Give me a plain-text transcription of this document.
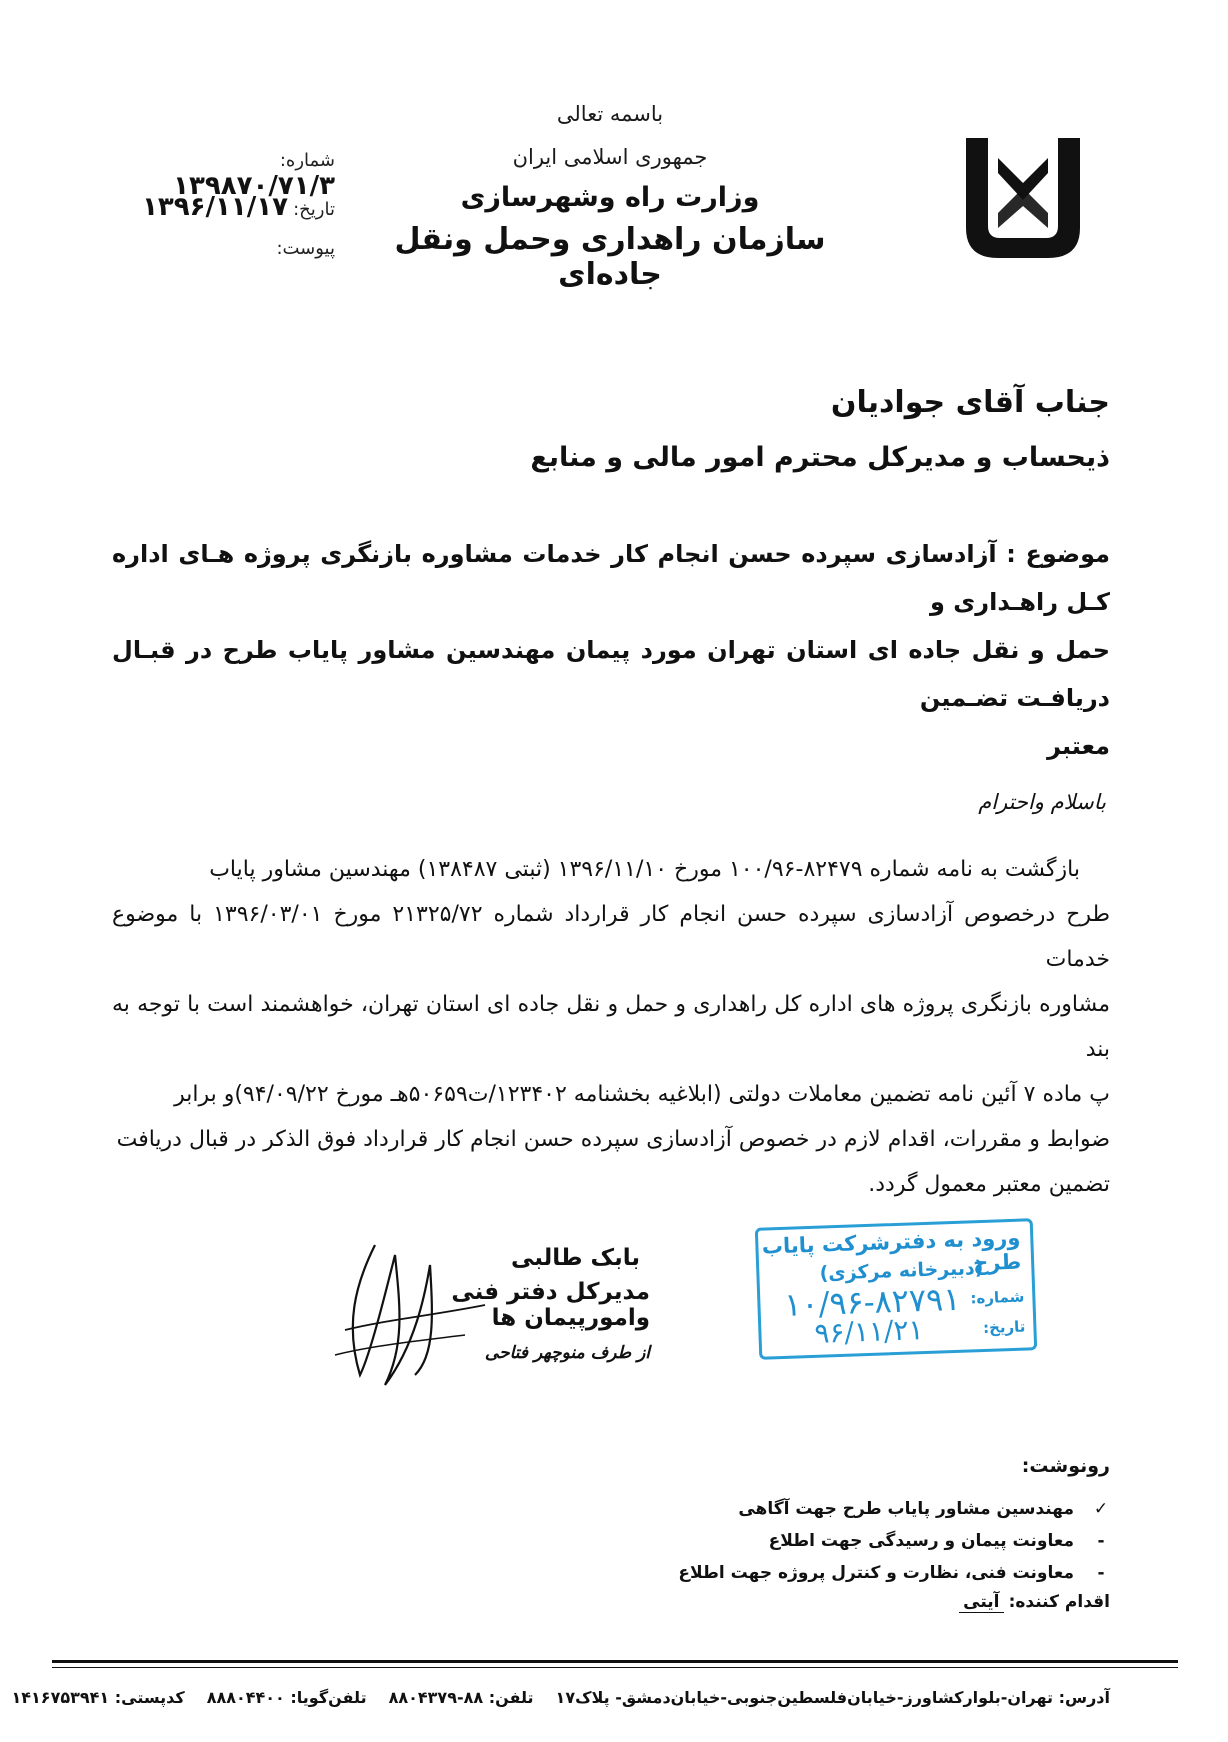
باسمه تعالی
جمهوری اسلامی ایران
وزارت راه وشهرسازی
سازمان راهداری وحمل ونقل جاده‌ای
شماره: ۱۳۹۸۷۰/۷۱/۳
تاریخ: ۱۳۹۶/۱۱/۱۷
پیوست:
جناب آقای جوادیان
ذیحساب و مدیرکل محترم امور مالی و منابع
موضوع : آزادسازی سپرده حسن انجام کار خدمات مشاوره بازنگری پروژه هـای اداره کـل راهـداری و
حمل و نقل جاده ای استان تهران مورد پیمان مهندسین مشاور پایاب طرح در قبـال دریافـت تضـمین
معتبر
باسلام واحترام
بازگشت به نامه شماره ۸۲۴۷۹-۱۰۰/۹۶ مورخ ۱۳۹۶/۱۱/۱۰ (ثبتی ۱۳۸۴۸۷) مهندسین مشاور پایاب
طرح درخصوص آزادسازی سپرده حسن انجام کار قرارداد شماره ۲۱۳۲۵/۷۲ مورخ ۱۳۹۶/۰۳/۰۱ با موضوع خدمات
مشاوره بازنگری پروژه های اداره کل راهداری و حمل و نقل جاده ای استان تهران، خواهشمند است با توجه به بند
پ ماده ۷ آئین نامه تضمین معاملات دولتی (ابلاغیه بخشنامه ۱۲۳۴۰۲/ت۵۰۶۵۹هـ مورخ ۹۴/۰۹/۲۲)و برابر
ضوابط و مقررات، اقدام لازم در خصوص آزادسازی سپرده حسن انجام کار قرارداد فوق الذکر در قبال دریافت
تضمین معتبر معمول گردد.
بابک طالبی
مدیرکل دفتر فنی وامورپیمان ها
از طرف منوچهر فتاحی
ورود به دفترشرکت پایاب طرح
(دبیرخانه مرکزی)
شماره:
۱۰/۹۶-۸۲۷۹۱
تاریخ:
۹۶/۱۱/۲۱
رونوشت:
✓
مهندسین مشاور پایاب طرح جهت آگاهی
-
معاونت پیمان و رسیدگی جهت اطلاع
-
معاونت فنی، نظارت و کنترل پروژه جهت اطلاع
اقدام کننده: آیتی
آدرس: تهران-بلوارکشاورز-خیابان‌فلسطین‌جنوبی-خیابان‌دمشق- پلاک۱۷
تلفن: ۸۸-۸۸۰۴۳۷۹
تلفن‌گویا: ۸۸۸۰۴۴۰۰
کدپستی: ۱۴۱۶۷۵۳۹۴۱
